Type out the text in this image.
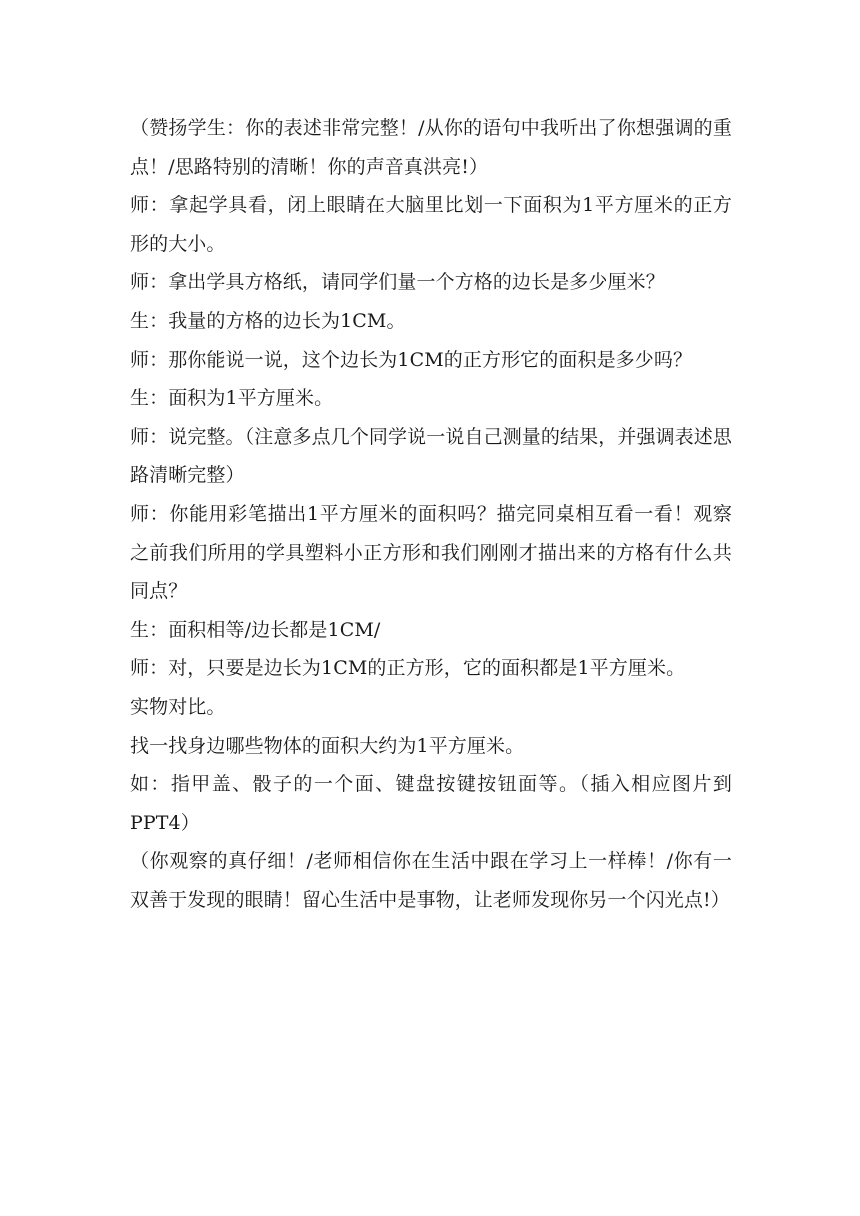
（赞扬学生：你的表述非常完整！/从你的语句中我听出了你想强调的重点！/思路特别的清晰！你的声音真洪亮!）

师：拿起学具看，闭上眼睛在大脑里比划一下面积为1平方厘米的正方形的大小。

师：拿出学具方格纸，请同学们量一个方格的边长是多少厘米？

生：我量的方格的边长为1CM。

师：那你能说一说，这个边长为1CM的正方形它的面积是多少吗？

生：面积为1平方厘米。

师：说完整。（注意多点几个同学说一说自己测量的结果，并强调表述思路清晰完整）

师：你能用彩笔描出1平方厘米的面积吗？描完同桌相互看一看！观察之前我们所用的学具塑料小正方形和我们刚刚才描出来的方格有什么共同点？

生：面积相等/边长都是1CM/

师：对，只要是边长为1CM的正方形，它的面积都是1平方厘米。

实物对比。

找一找身边哪些物体的面积大约为1平方厘米。

如：指甲盖、骰子的一个面、键盘按键按钮面等。（插入相应图片到PPT4）

（你观察的真仔细！/老师相信你在生活中跟在学习上一样棒！/你有一双善于发现的眼睛！留心生活中是事物，让老师发现你另一个闪光点!）
